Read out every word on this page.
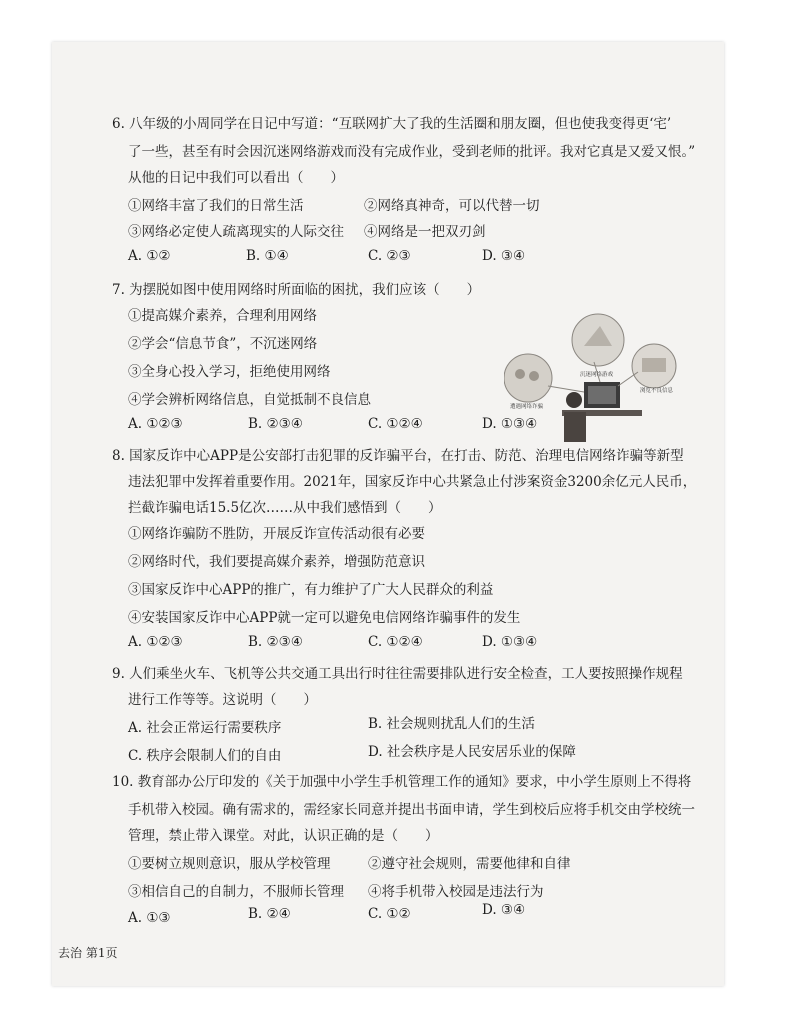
6. 八年级的小周同学在日记中写道：“互联网扩大了我的生活圈和朋友圈，但也使我变得更‘宅’
了一些，甚至有时会因沉迷网络游戏而没有完成作业，受到老师的批评。我对它真是又爱又恨。”
从他的日记中我们可以看出（　　）
①网络丰富了我们的日常生活	②网络真神奇，可以代替一切
③网络必定使人疏离现实的人际交往 ④网络是一把双刃剑
A. ①②	B. ①④	C. ②③	D. ③④
7. 为摆脱如图中使用网络时所面临的困扰，我们应该（　　）
①提高媒介素养，合理利用网络
②学会“信息节食”，不沉迷网络
③全身心投入学习，拒绝使用网络
④学会辨析网络信息，自觉抵制不良信息
A. ①②③	B. ②③④	C. ①②④	D. ①③④
沉迷网络游戏
浏览不良信息
遭遇网络诈骗
8. 国家反诈中心APP是公安部打击犯罪的反诈骗平台，在打击、防范、治理电信网络诈骗等新型
违法犯罪中发挥着重要作用。2021年，国家反诈中心共紧急止付涉案资金3200余亿元人民币，
拦截诈骗电话15.5亿次……从中我们感悟到（　　）
①网络诈骗防不胜防，开展反诈宣传活动很有必要
②网络时代，我们要提高媒介素养，增强防范意识
③国家反诈中心APP的推广，有力维护了广大人民群众的利益
④安装国家反诈中心APP就一定可以避免电信网络诈骗事件的发生
A. ①②③	B. ②③④	C. ①②④	D. ①③④
9. 人们乘坐火车、飞机等公共交通工具出行时往往需要排队进行安全检查，工人要按照操作规程
进行工作等等。这说明（　　）
A. 社会正常运行需要秩序	B. 社会规则扰乱人们的生活
C. 秩序会限制人们的自由	D. 社会秩序是人民安居乐业的保障
10. 教育部办公厅印发的《关于加强中小学生手机管理工作的通知》要求，中小学生原则上不得将
手机带入校园。确有需求的，需经家长同意并提出书面申请，学生到校后应将手机交由学校统一
管理，禁止带入课堂。对此，认识正确的是（　　）
①要树立规则意识，服从学校管理	②遵守社会规则，需要他律和自律
③相信自己的自制力，不服师长管理 ④将手机带入校园是违法行为
A. ①③	B. ②④	C. ①②	D. ③④
去治 第1页
